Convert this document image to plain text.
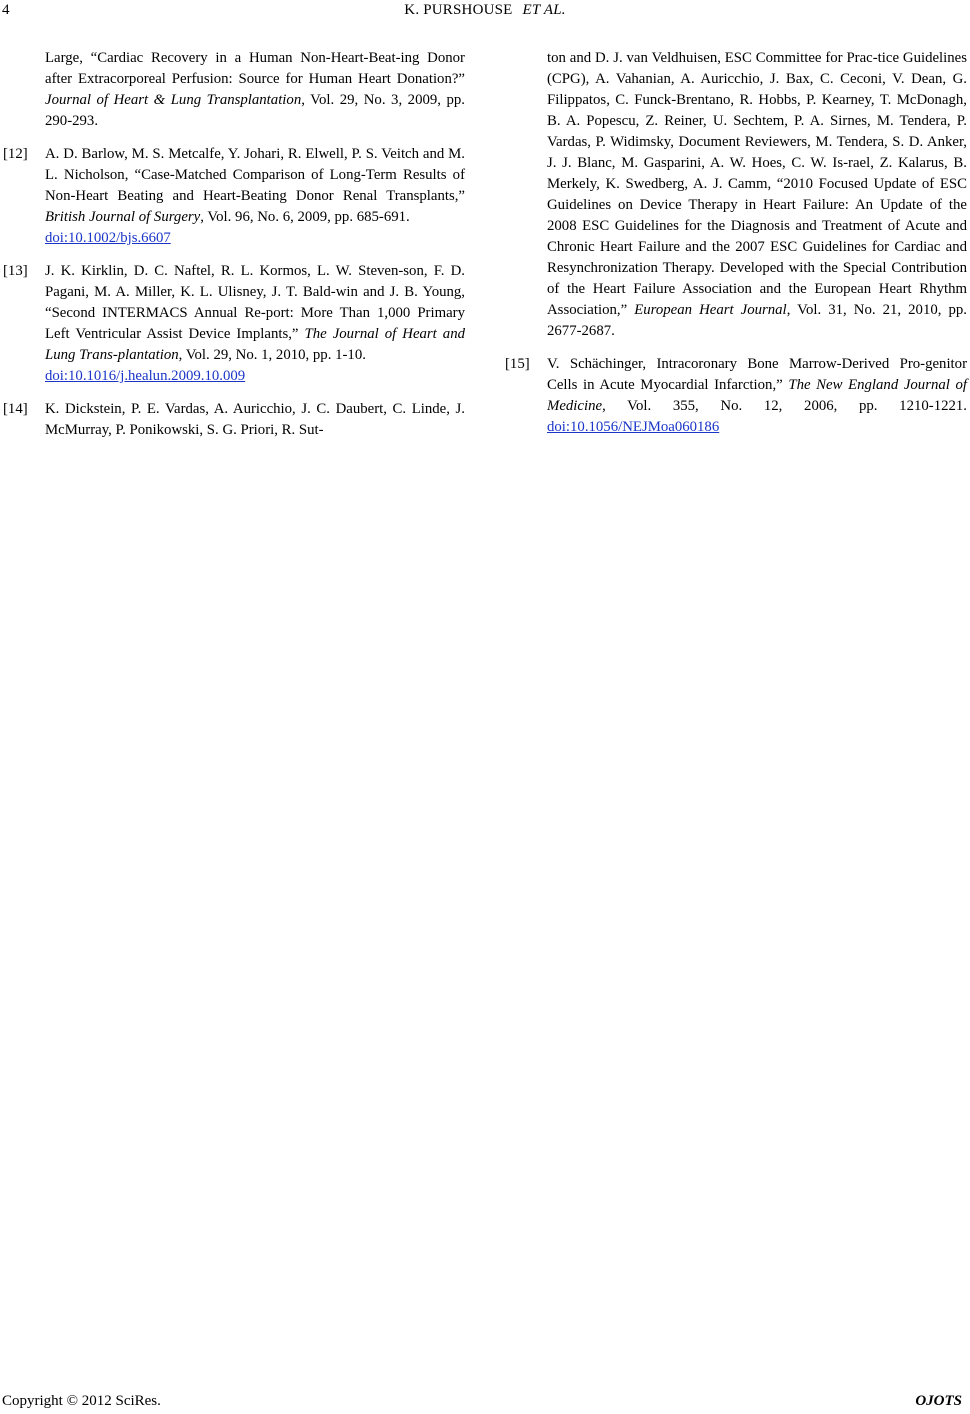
4	K. PURSHOUSE ET AL.
Large, “Cardiac Recovery in a Human Non-Heart-Beat-ing Donor after Extracorporeal Perfusion: Source for Human Heart Donation?” Journal of Heart & Lung Transplantation, Vol. 29, No. 3, 2009, pp. 290-293.
[12] A. D. Barlow, M. S. Metcalfe, Y. Johari, R. Elwell, P. S. Veitch and M. L. Nicholson, “Case-Matched Comparison of Long-Term Results of Non-Heart Beating and Heart-Beating Donor Renal Transplants,” British Journal of Surgery, Vol. 96, No. 6, 2009, pp. 685-691.
doi:10.1002/bjs.6607
[13] J. K. Kirklin, D. C. Naftel, R. L. Kormos, L. W. Steven-son, F. D. Pagani, M. A. Miller, K. L. Ulisney, J. T. Bald-win and J. B. Young, “Second INTERMACS Annual Re-port: More Than 1,000 Primary Left Ventricular Assist Device Implants,” The Journal of Heart and Lung Trans-plantation, Vol. 29, No. 1, 2010, pp. 1-10.
doi:10.1016/j.healun.2009.10.009
[14] K. Dickstein, P. E. Vardas, A. Auricchio, J. C. Daubert, C. Linde, J. McMurray, P. Ponikowski, S. G. Priori, R. Sut-
ton and D. J. van Veldhuisen, ESC Committee for Prac-tice Guidelines (CPG), A. Vahanian, A. Auricchio, J. Bax, C. Ceconi, V. Dean, G. Filippatos, C. Funck-Brentano, R. Hobbs, P. Kearney, T. McDonagh, B. A. Popescu, Z. Reiner, U. Sechtem, P. A. Sirnes, M. Tendera, P. Vardas, P. Widimsky, Document Reviewers, M. Tendera, S. D. Anker, J. J. Blanc, M. Gasparini, A. W. Hoes, C. W. Is-rael, Z. Kalarus, B. Merkely, K. Swedberg, A. J. Camm, “2010 Focused Update of ESC Guidelines on Device Therapy in Heart Failure: An Update of the 2008 ESC Guidelines for the Diagnosis and Treatment of Acute and Chronic Heart Failure and the 2007 ESC Guidelines for Cardiac and Resynchronization Therapy. Developed with the Special Contribution of the Heart Failure Association and the European Heart Rhythm Association,” European Heart Journal, Vol. 31, No. 21, 2010, pp. 2677-2687.
[15] V. Schächinger, Intracoronary Bone Marrow-Derived Pro-genitor Cells in Acute Myocardial Infarction,” The New England Journal of Medicine, Vol. 355, No. 12, 2006, pp. 1210-1221. doi:10.1056/NEJMoa060186
Copyright © 2012 SciRes.	OJOTS
